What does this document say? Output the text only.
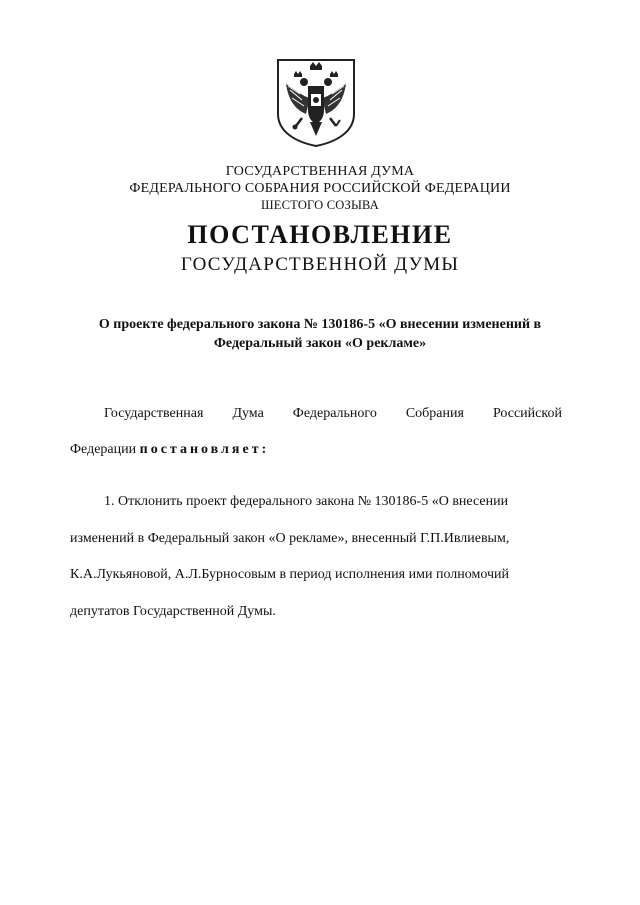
ГОСУДАРСТВЕННАЯ ДУМА
ФЕДЕРАЛЬНОГО СОБРАНИЯ РОССИЙСКОЙ ФЕДЕРАЦИИ
ШЕСТОГО СОЗЫВА
ПОСТАНОВЛЕНИЕ
ГОСУДАРСТВЕННОЙ ДУМЫ
О проекте федерального закона № 130186-5 «О внесении изменений в
Федеральный закон «О рекламе»
Государственная Дума Федерального Собрания Российской
Федерации постановляет:
1. Отклонить проект федерального закона № 130186-5 «О внесении
изменений в Федеральный закон «О рекламе», внесенный Г.П.Ивлиевым,
К.А.Лукьяновой, А.Л.Бурносовым в период исполнения ими полномочий
депутатов Государственной Думы.
